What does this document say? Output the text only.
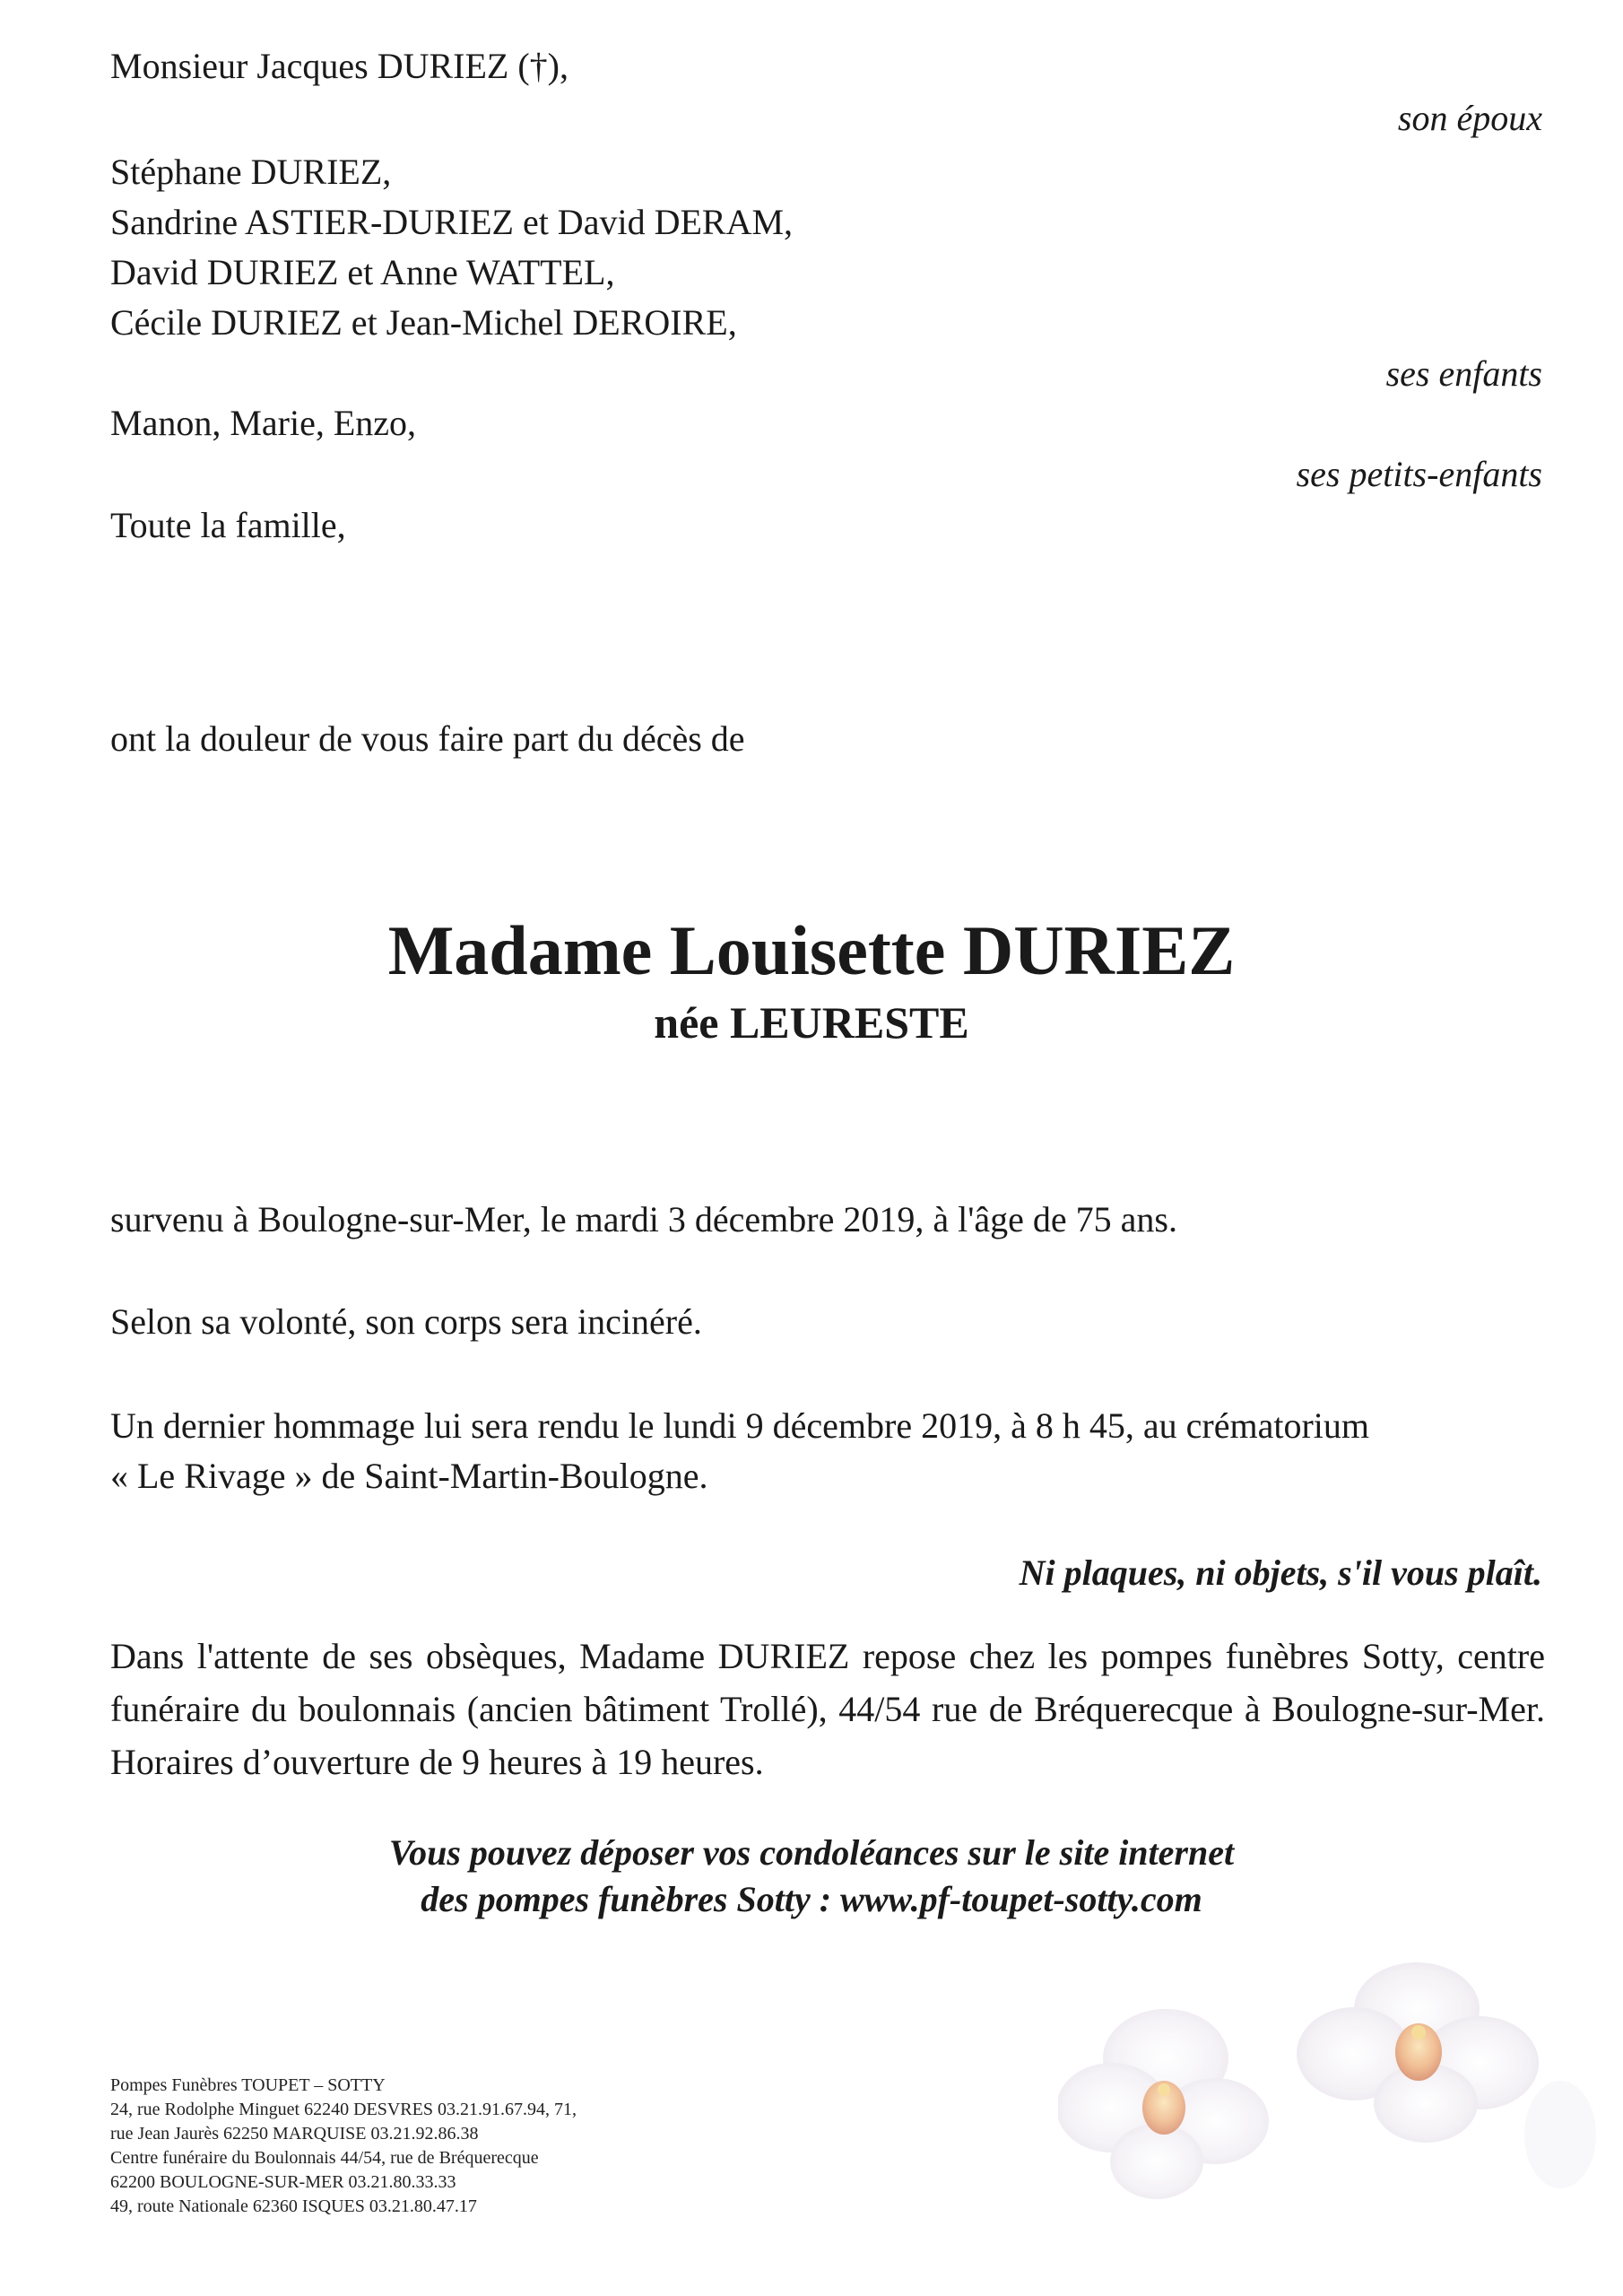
Monsieur Jacques DURIEZ (†),
son époux
Stéphane DURIEZ,
Sandrine ASTIER-DURIEZ et David DERAM,
David DURIEZ et Anne WATTEL,
Cécile DURIEZ et Jean-Michel DEROIRE,
ses enfants
Manon, Marie, Enzo,
ses petits-enfants
Toute la famille,
ont la douleur de vous faire part du décès de
Madame Louisette DURIEZ
née LEURESTE
survenu à Boulogne-sur-Mer, le mardi 3 décembre 2019, à l'âge de 75 ans.
Selon sa volonté, son corps sera incinéré.
Un dernier hommage lui sera rendu le lundi 9 décembre 2019, à 8 h 45, au crématorium
« Le Rivage » de Saint-Martin-Boulogne.
Ni plaques, ni objets, s'il vous plaît.
Dans l'attente de ses obsèques, Madame DURIEZ repose chez les pompes funèbres Sotty, centre funéraire du boulonnais (ancien bâtiment Trollé), 44/54 rue de Bréquerecque à Boulogne-sur-Mer. Horaires d’ouverture de 9 heures à 19 heures.
Vous pouvez déposer vos condoléances sur le site internet
des pompes funèbres Sotty : www.pf-toupet-sotty.com
Pompes Funèbres TOUPET – SOTTY
24, rue Rodolphe Minguet 62240 DESVRES 03.21.91.67.94, 71,
rue Jean Jaurès 62250 MARQUISE 03.21.92.86.38
Centre funéraire du Boulonnais 44/54, rue de Bréquerecque
62200 BOULOGNE-SUR-MER 03.21.80.33.33
49, route Nationale 62360 ISQUES 03.21.80.47.17
